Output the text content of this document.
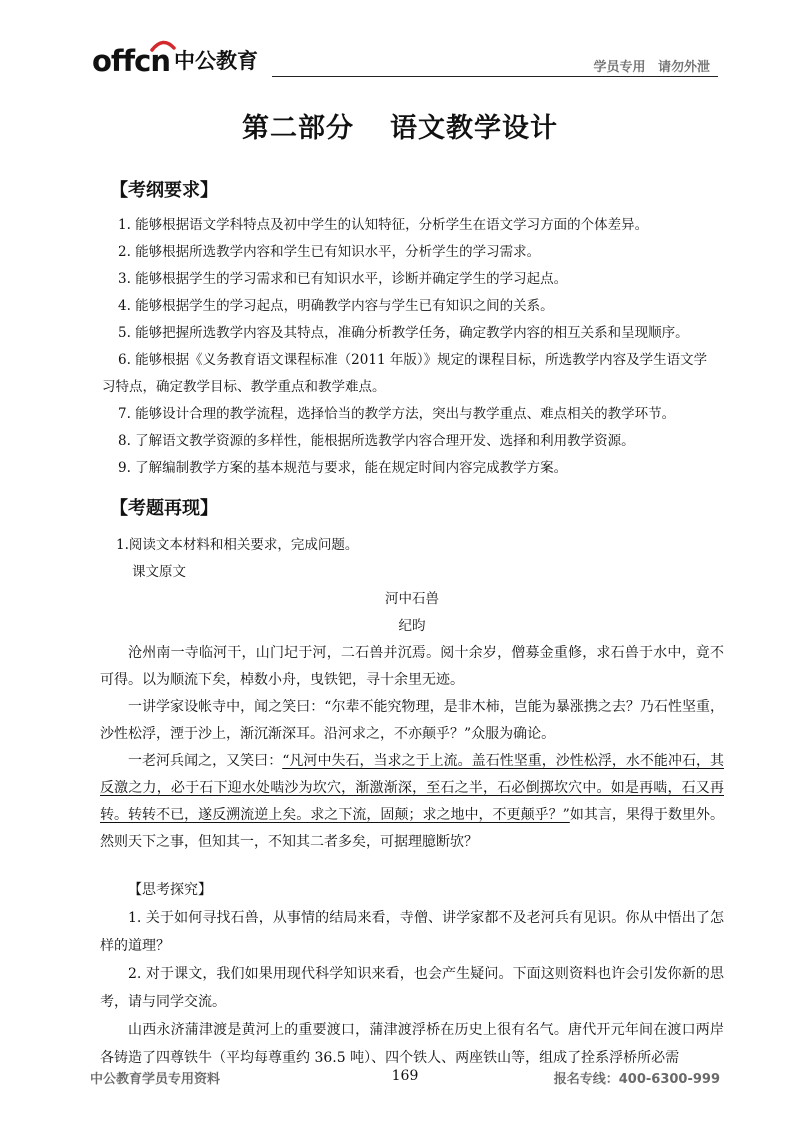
offcn 中公教育	学员专用 请勿外泄
第二部分 语文教学设计
【考纲要求】

1. 能够根据语文学科特点及初中学生的认知特征，分析学生在语文学习方面的个体差异。

2. 能够根据所选教学内容和学生已有知识水平，分析学生的学习需求。

3. 能够根据学生的学习需求和已有知识水平，诊断并确定学生的学习起点。

4. 能够根据学生的学习起点，明确教学内容与学生已有知识之间的关系。

5. 能够把握所选教学内容及其特点，准确分析教学任务，确定教学内容的相互关系和呈现顺序。

6. 能够根据《义务教育语文课程标准（2011 年版）》规定的课程目标，所选教学内容及学生语文学

习特点，确定教学目标、教学重点和教学难点。

7. 能够设计合理的教学流程，选择恰当的教学方法，突出与教学重点、难点相关的教学环节。

8. 了解语文教学资源的多样性，能根据所选教学内容合理开发、选择和利用教学资源。

9. 了解编制教学方案的基本规范与要求，能在规定时间内容完成教学方案。

【考题再现】

1.阅读文本材料和相关要求，完成问题。

课文原文

河中石兽

纪昀

沧州南一寺临河干，山门圮于河，二石兽并沉焉。阅十余岁，僧募金重修，求石兽于水中，竟不可得。以为顺流下矣，棹数小舟，曳铁钯，寻十余里无迹。

一讲学家设帐寺中，闻之笑曰：“尔辈不能究物理，是非木柿，岂能为暴涨携之去？乃石性坚重，沙性松浮，湮于沙上，渐沉渐深耳。沿河求之，不亦颠乎？”众服为确论。

一老河兵闻之，又笑曰：“凡河中失石，当求之于上流。盖石性坚重，沙性松浮，水不能冲石，其反激之力，必于石下迎水处啮沙为坎穴，渐激渐深，至石之半，石必倒掷坎穴中。如是再啮，石又再转。转转不已，遂反溯流逆上矣。求之下流，固颠；求之地中，不更颠乎？”如其言，果得于数里外。然则天下之事，但知其一，不知其二者多矣，可据理臆断欤？

【思考探究】

1. 关于如何寻找石兽，从事情的结局来看，寺僧、讲学家都不及老河兵有见识。你从中悟出了怎样的道理？

2. 对于课文，我们如果用现代科学知识来看，也会产生疑问。下面这则资料也许会引发你新的思考，请与同学交流。

山西永济蒲津渡是黄河上的重要渡口，蒲津渡浮桥在历史上很有名气。唐代开元年间在渡口两岸各铸造了四尊铁牛（平均每尊重约 36.5 吨）、四个铁人、两座铁山等，组成了拴系浮桥所必需

169
中公教育学员专用资料	报名专线：400-6300-999
